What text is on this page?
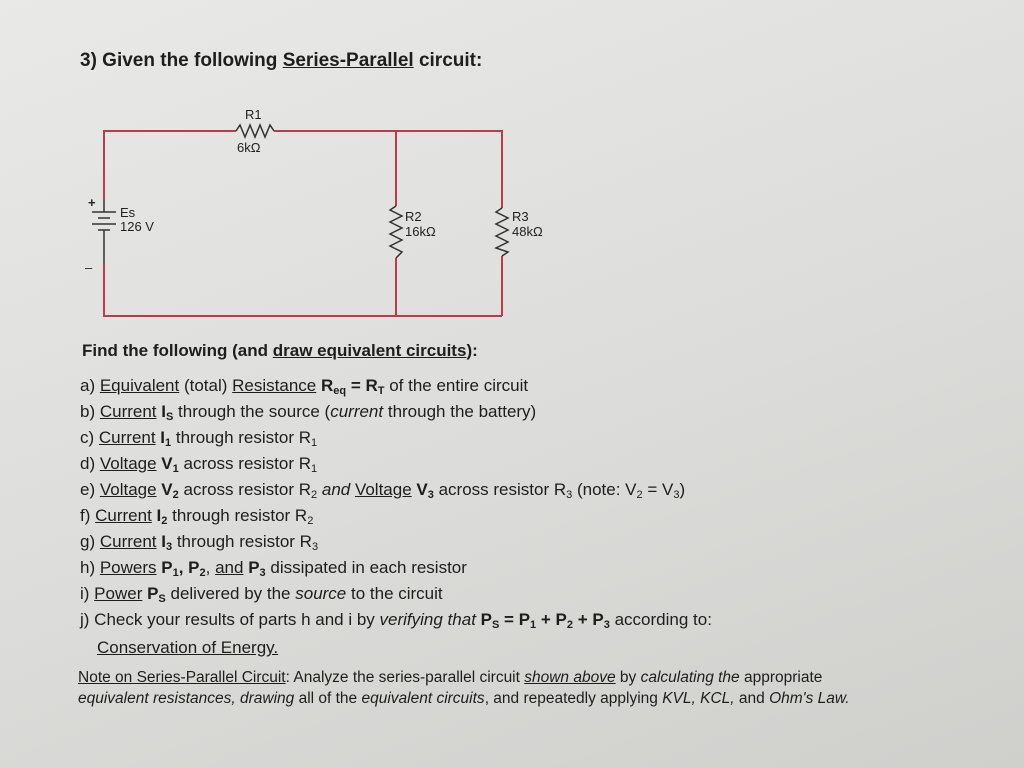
3) Given the following Series-Parallel circuit:
+
–
Es
126 V
R1
6kΩ
R2
16kΩ
R3
48kΩ
Find the following (and draw equivalent circuits):
a) Equivalent (total) Resistance $R_{eq} = R_T$ of the entire circuit
b) Current $I_S$ through the source (current through the battery)
c) Current $I_1$ through resistor $R_1$
d) Voltage $V_1$ across resistor $R_1$
e) Voltage $V_2$ across resistor $R_2$ and Voltage $V_3$ across resistor $R_3$ (note: $V_2 = V_3$)
f) Current $I_2$ through resistor $R_2$
g) Current $I_3$ through resistor $R_3$
h) Powers $P_1$, $P_2$, and $P_3$ dissipated in each resistor
i) Power $P_S$ delivered by the source to the circuit
j) Check your results of parts h and i by verifying that $P_S = P_1 + P_2 + P_3$ according to:
Conservation of Energy.
Note on Series-Parallel Circuit: Analyze the series-parallel circuit shown above by calculating the appropriate
equivalent resistances, drawing all of the equivalent circuits, and repeatedly applying KVL, KCL, and Ohm's Law.
